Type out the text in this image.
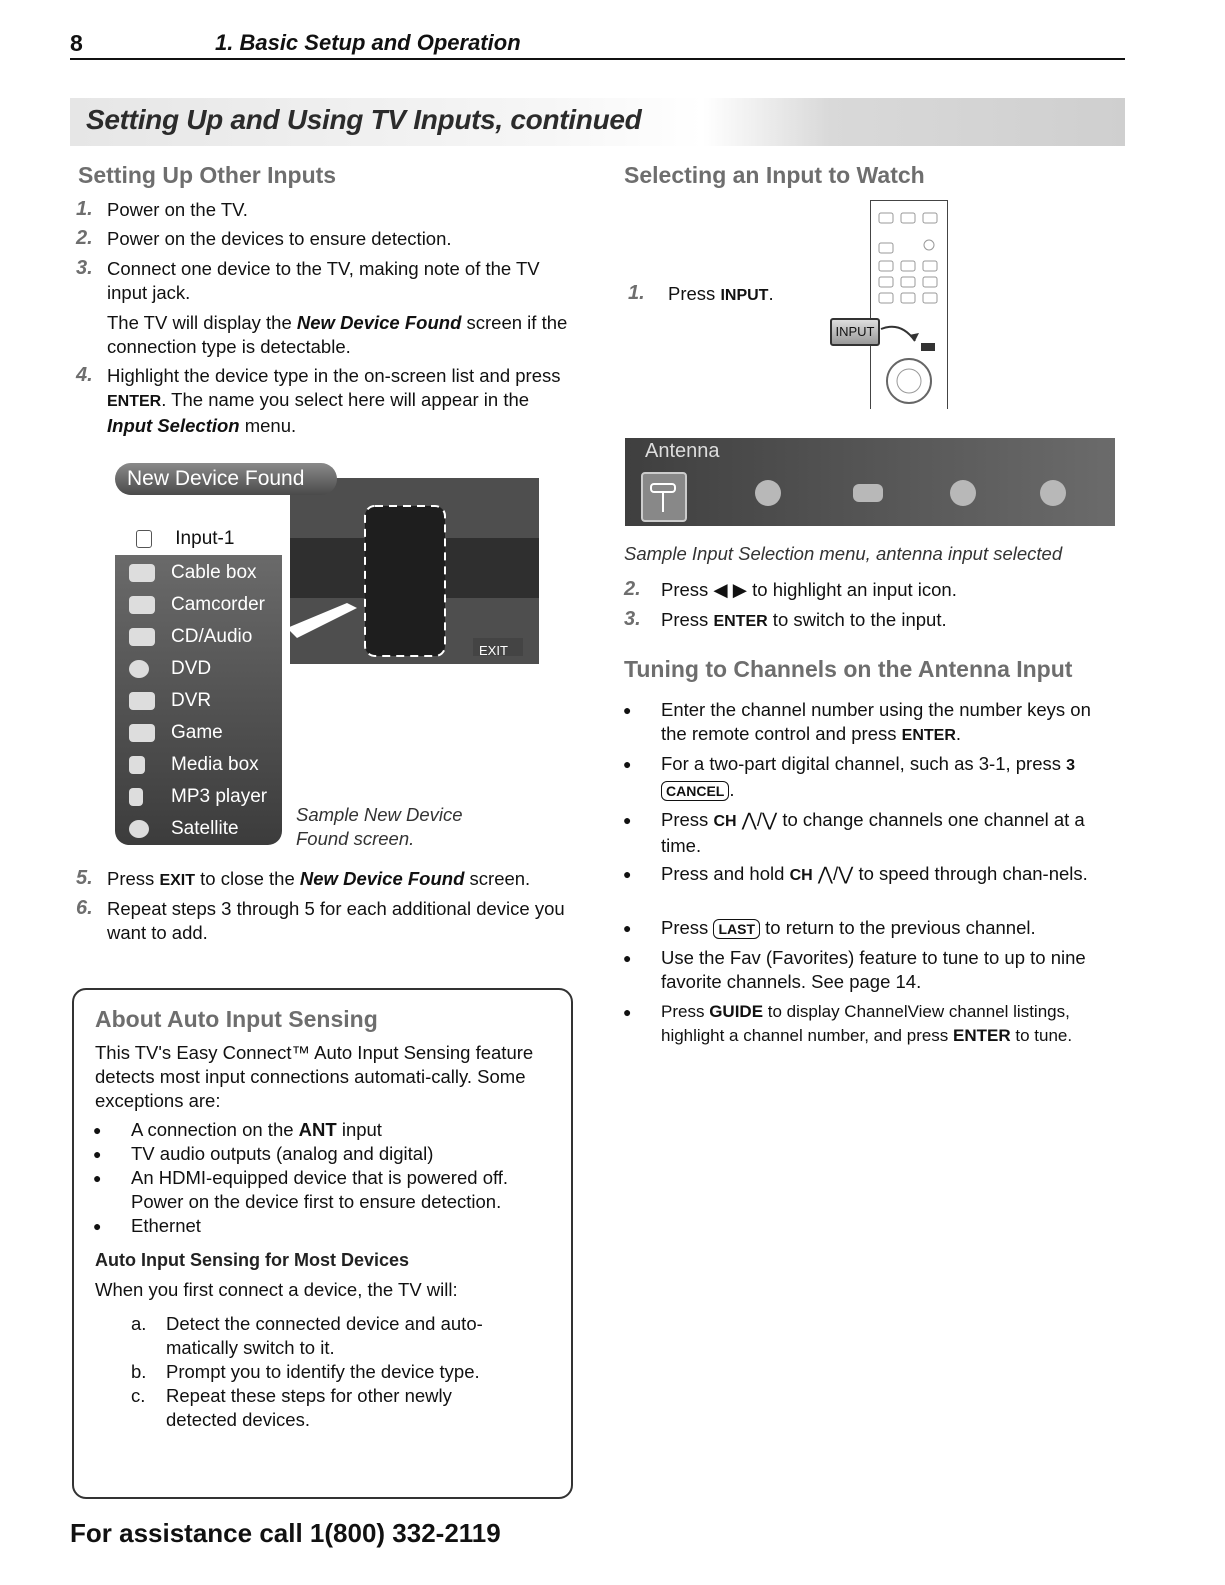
8	1. Basic Setup and Operation
Setting Up and Using TV Inputs, continued
Setting Up Other Inputs
1. Power on the TV.
2. Power on the devices to ensure detection.
3. Connect one device to the TV, making note of the TV input jack.
The TV will display the New Device Found screen if the connection type is detectable.
4. Highlight the device type in the on-screen list and press ENTER. The name you select here will appear in the Input Selection menu.
EXIT
New Device Found
Input-1
Cable box
Camcorder
CD/Audio
DVD
DVR
Game
Media box
MP3 player
Satellite
Sample New Device Found screen.
5. Press EXIT to close the New Device Found screen.
6. Repeat steps 3 through 5 for each additional device you want to add.
About Auto Input Sensing
This TV's Easy Connect™ Auto Input Sensing feature detects most input connections automati-cally. Some exceptions are:
● A connection on the ANT input
● TV audio outputs (analog and digital)
● An HDMI-equipped device that is powered off. Power on the device first to ensure detection.
● Ethernet
Auto Input Sensing for Most Devices
When you first connect a device, the TV will:
a. Detect the connected device and auto-matically switch to it.
b. Prompt you to identify the device type.
c. Repeat these steps for other newly detected devices.
Selecting an Input to Watch
1. Press INPUT.
INPUT
Antenna
Sample Input Selection menu, antenna input selected
2. Press ◀ ▶ to highlight an input icon.
3. Press ENTER to switch to the input.
Tuning to Channels on the Antenna Input
● Enter the channel number using the number keys on the remote control and press ENTER.
● For a two-part digital channel, such as 3-1, press 3
CANCEL .
● Press CH ⋀/⋁ to change channels one channel at a time.
● Press and hold CH ⋀/⋁ to speed through chan-nels.
● Press LAST to return to the previous channel.
● Use the Fav (Favorites) feature to tune to up to nine favorite channels. See page 14.
● Press GUIDE to display ChannelView channel listings, highlight a channel number, and press ENTER to tune.
For assistance call 1(800) 332-2119
